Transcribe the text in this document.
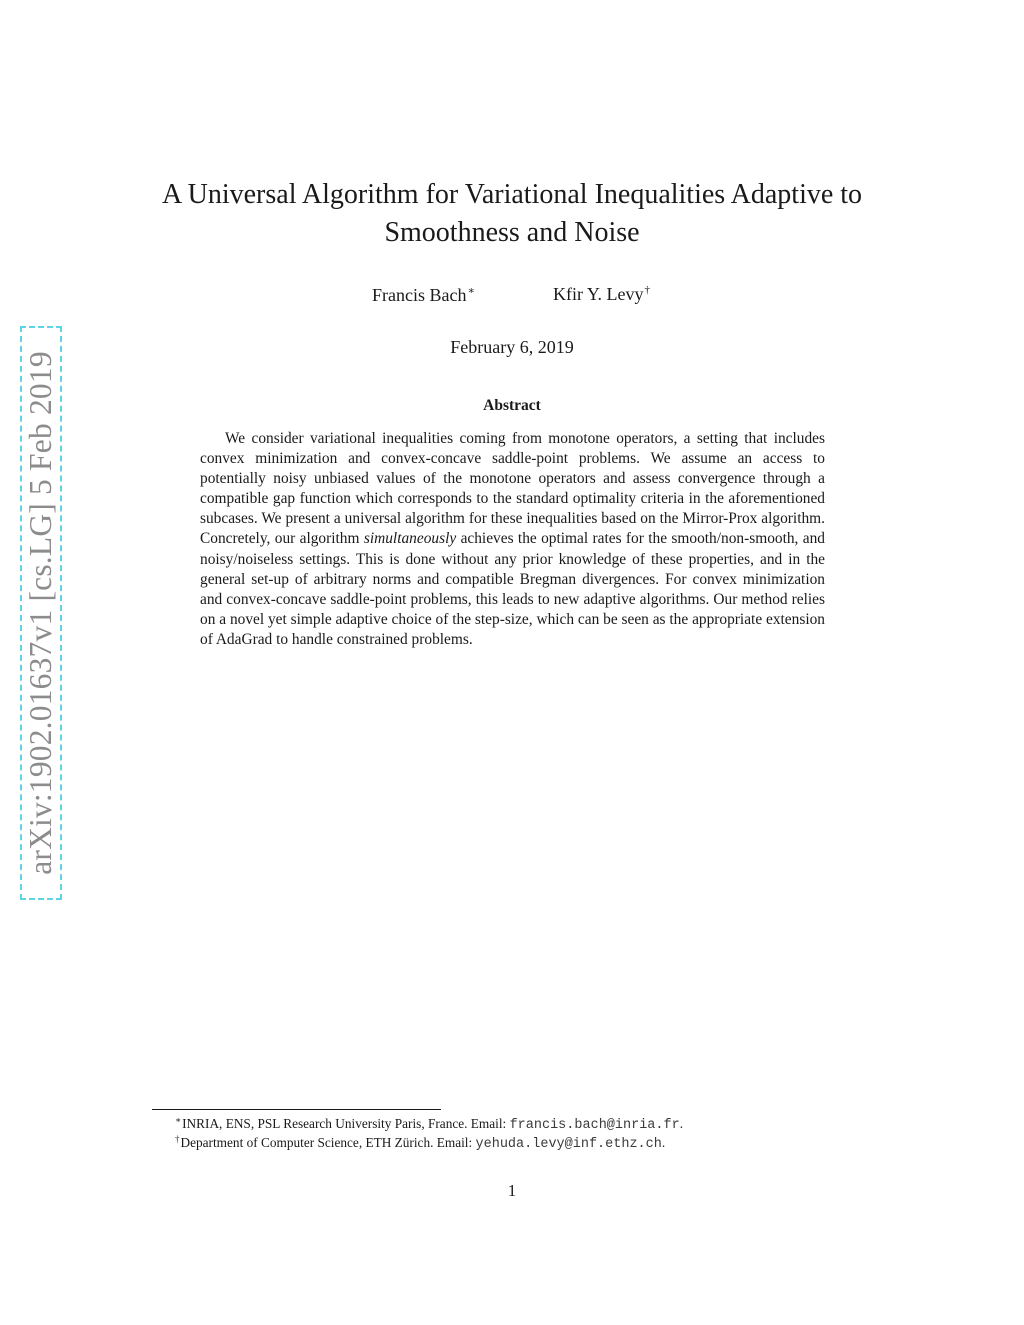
arXiv:1902.01637v1 [cs.LG] 5 Feb 2019
A Universal Algorithm for Variational Inequalities Adaptive to Smoothness and Noise
Francis Bach∗	Kfir Y. Levy†
February 6, 2019
Abstract

We consider variational inequalities coming from monotone operators, a setting that includes convex minimization and convex-concave saddle-point problems. We assume an access to potentially noisy unbiased values of the monotone operators and assess convergence through a compatible gap function which corresponds to the standard optimality criteria in the aforementioned subcases. We present a universal algorithm for these inequalities based on the Mirror-Prox algorithm. Concretely, our algorithm simultaneously achieves the optimal rates for the smooth/non-smooth, and noisy/noiseless settings. This is done without any prior knowledge of these properties, and in the general set-up of arbitrary norms and compatible Bregman divergences. For convex minimization and convex-concave saddle-point problems, this leads to new adaptive algorithms. Our method relies on a novel yet simple adaptive choice of the step-size, which can be seen as the appropriate extension of AdaGrad to handle constrained problems.

∗INRIA, ENS, PSL Research University Paris, France. Email: francis.bach@inria.fr.
†Department of Computer Science, ETH Zürich. Email: yehuda.levy@inf.ethz.ch.
1
